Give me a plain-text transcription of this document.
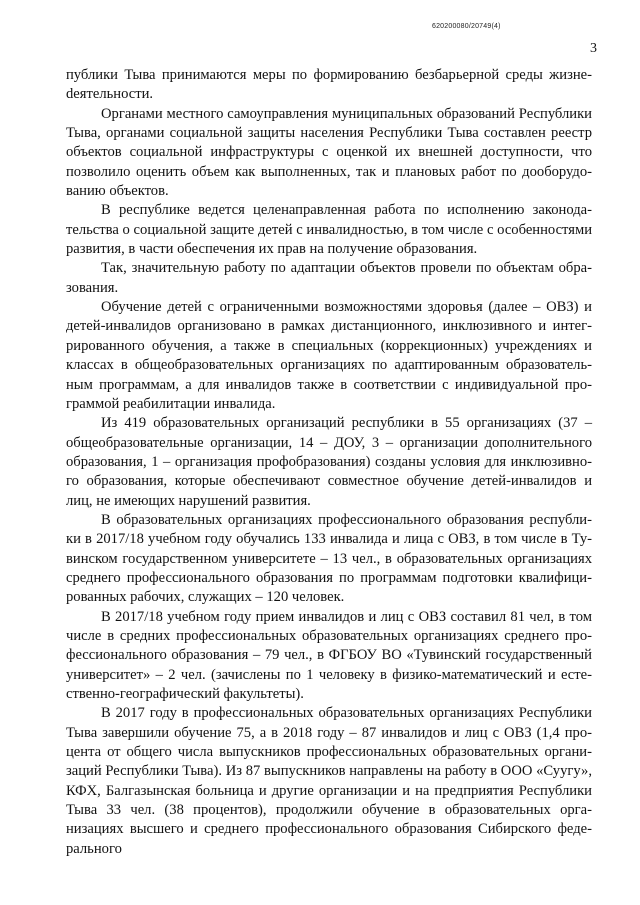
620200080/20749(4)
3

публики Тыва принимаются меры по формированию безбарьерной среды жизнеdеятельности.

Органами местного самоуправления муниципальных образований Республики Тыва, органами социальной защиты населения Республики Тыва составлен реестр объектов социальной инфраструктуры с оценкой их внешней доступности, что позволило оценить объем как выполненных, так и плановых работ по дооборудованию объектов.

В республике ведется целенаправленная работа по исполнению законодательства о социальной защите детей с инвалидностью, в том числе с особенностями развития, в части обеспечения их прав на получение образования.

Так, значительную работу по адаптации объектов провели по объектам образования.

Обучение детей с ограниченными возможностями здоровья (далее – ОВЗ) и детей-инвалидов организовано в рамках дистанционного, инклюзивного и интегрированного обучения, а также в специальных (коррекционных) учреждениях и классах в общеобразовательных организациях по адаптированным образовательным программам, а для инвалидов также в соответствии с индивидуальной программой реабилитации инвалида.

Из 419 образовательных организаций республики в 55 организациях (37 – общеобразовательные организации, 14 – ДОУ, 3 – организации дополнительного образования, 1 – организация профобразования) созданы условия для инклюзивного образования, которые обеспечивают совместное обучение детей-инвалидов и лиц, не имеющих нарушений развития.

В образовательных организациях профессионального образования республики в 2017/18 учебном году обучались 133 инвалида и лица с ОВЗ, в том числе в Тувинском государственном университете – 13 чел., в образовательных организациях среднего профессионального образования по программам подготовки квалифицированных рабочих, служащих – 120 человек.

В 2017/18 учебном году прием инвалидов и лиц с ОВЗ составил 81 чел, в том числе в средних профессиональных образовательных организациях среднего профессионального образования – 79 чел., в ФГБОУ ВО «Тувинский государственный университет» – 2 чел. (зачислены по 1 человеку в физико-математический и естественно-географический факультеты).

В 2017 году в профессиональных образовательных организациях Республики Тыва завершили обучение 75, а в 2018 году – 87 инвалидов и лиц с ОВЗ (1,4 процента от общего числа выпускников профессиональных образовательных организаций Республики Тыва). Из 87 выпускников направлены на работу в ООО «Суугу», КФХ, Балгазынская больница и другие организации и на предприятия Республики Тыва 33 чел. (38 процентов), продолжили обучение в образовательных организациях высшего и среднего профессионального образования Сибирского федерального
